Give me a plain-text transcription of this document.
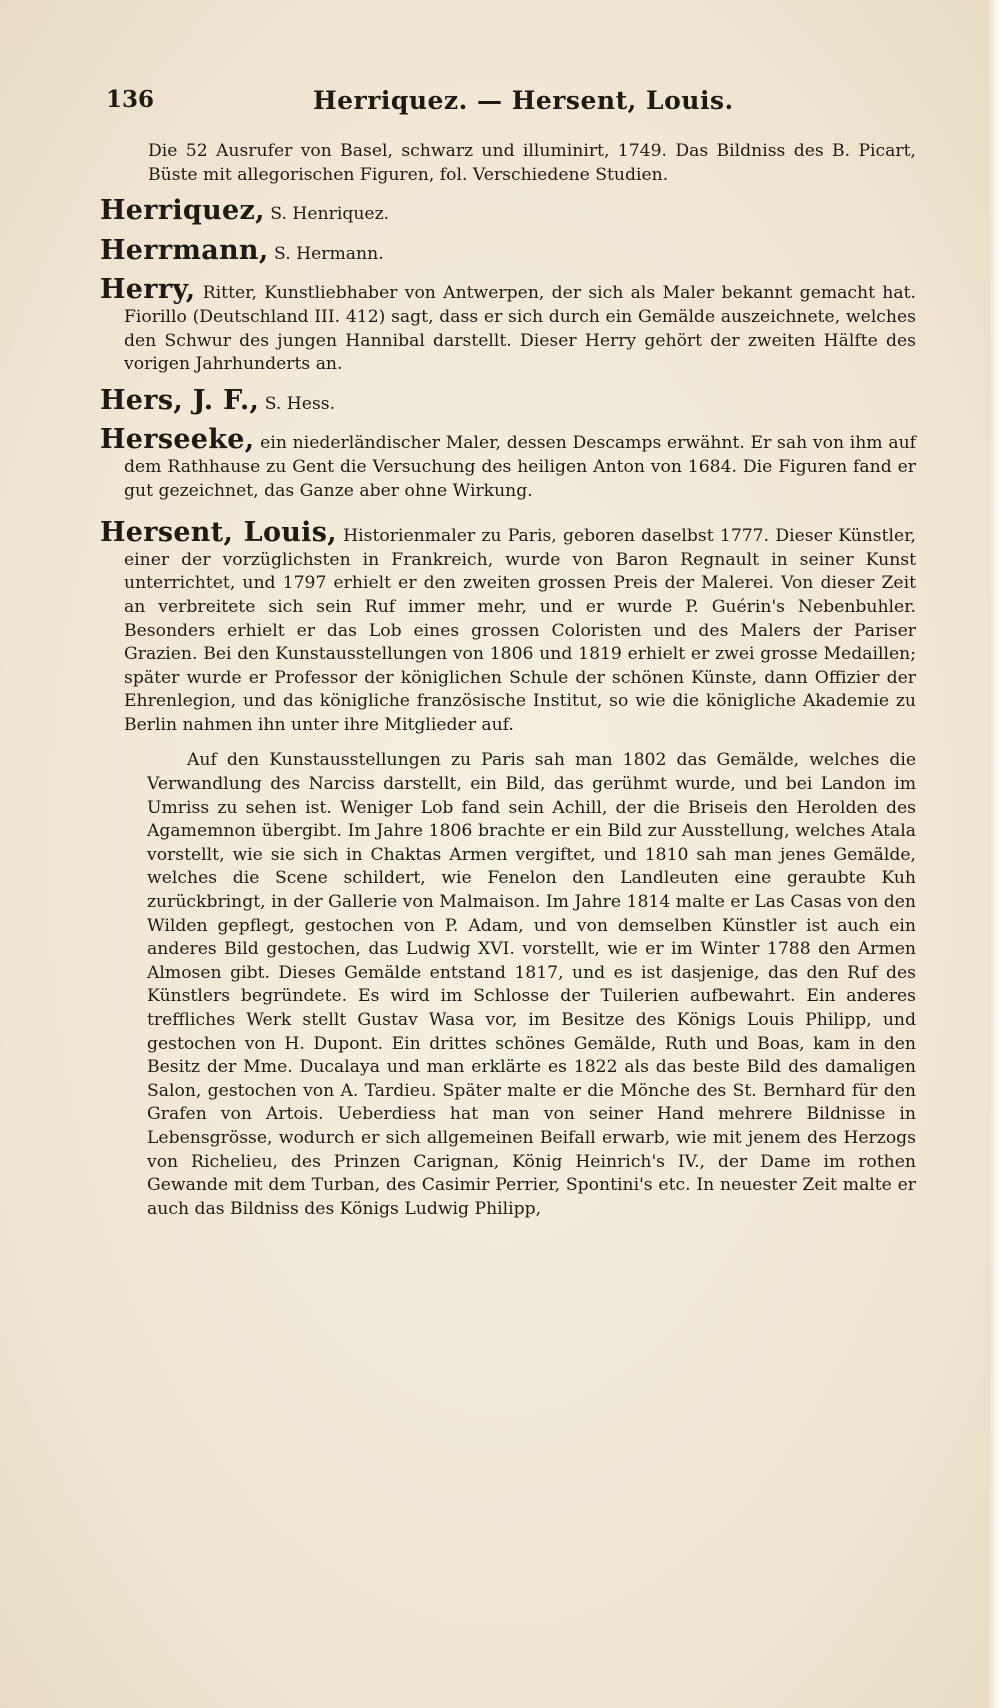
136	Herriquez. — Hersent, Louis.

Die 52 Ausrufer von Basel, schwarz und illuminirt, 1749. Das Bildniss des B. Picart, Büste mit allegorischen Figuren, fol. Verschiedene Studien.

Herriquez, S. Henriquez.

Herrmann, S. Hermann.

Herry, Ritter, Kunstliebhaber von Antwerpen, der sich als Maler bekannt gemacht hat. Fiorillo (Deutschland III. 412) sagt, dass er sich durch ein Gemälde auszeichnete, welches den Schwur des jungen Hannibal darstellt. Dieser Herry gehört der zweiten Hälfte des vorigen Jahrhunderts an.

Hers, J. F., S. Hess.

Herseeke, ein niederländischer Maler, dessen Descamps erwähnt. Er sah von ihm auf dem Rathhause zu Gent die Versuchung des heiligen Anton von 1684. Die Figuren fand er gut gezeichnet, das Ganze aber ohne Wirkung.

Hersent, Louis, Historienmaler zu Paris, geboren daselbst 1777. Dieser Künstler, einer der vorzüglichsten in Frankreich, wurde von Baron Regnault in seiner Kunst unterrichtet, und 1797 erhielt er den zweiten grossen Preis der Malerei. Von dieser Zeit an verbreitete sich sein Ruf immer mehr, und er wurde P. Guérin's Nebenbuhler. Besonders erhielt er das Lob eines grossen Coloristen und des Malers der Pariser Grazien. Bei den Kunstausstellungen von 1806 und 1819 erhielt er zwei grosse Medaillen; später wurde er Professor der königlichen Schule der schönen Künste, dann Offizier der Ehrenlegion, und das königliche französische Institut, so wie die königliche Akademie zu Berlin nahmen ihn unter ihre Mitglieder auf.

Auf den Kunstausstellungen zu Paris sah man 1802 das Gemälde, welches die Verwandlung des Narciss darstellt, ein Bild, das gerühmt wurde, und bei Landon im Umriss zu sehen ist. Weniger Lob fand sein Achill, der die Briseis den Herolden des Agamemnon übergibt. Im Jahre 1806 brachte er ein Bild zur Ausstellung, welches Atala vorstellt, wie sie sich in Chaktas Armen vergiftet, und 1810 sah man jenes Gemälde, welches die Scene schildert, wie Fenelon den Landleuten eine geraubte Kuh zurückbringt, in der Gallerie von Malmaison. Im Jahre 1814 malte er Las Casas von den Wilden gepflegt, gestochen von P. Adam, und von demselben Künstler ist auch ein anderes Bild gestochen, das Ludwig XVI. vorstellt, wie er im Winter 1788 den Armen Almosen gibt. Dieses Gemälde entstand 1817, und es ist dasjenige, das den Ruf des Künstlers begründete. Es wird im Schlosse der Tuilerien aufbewahrt. Ein anderes treffliches Werk stellt Gustav Wasa vor, im Besitze des Königs Louis Philipp, und gestochen von H. Dupont. Ein drittes schönes Gemälde, Ruth und Boas, kam in den Besitz der Mme. Ducalaya und man erklärte es 1822 als das beste Bild des damaligen Salon, gestochen von A. Tardieu. Später malte er die Mönche des St. Bernhard für den Grafen von Artois. Ueberdiess hat man von seiner Hand mehrere Bildnisse in Lebensgrösse, wodurch er sich allgemeinen Beifall erwarb, wie mit jenem des Herzogs von Richelieu, des Prinzen Carignan, König Heinrich's IV., der Dame im rothen Gewande mit dem Turban, des Casimir Perrier, Spontini's etc. In neuester Zeit malte er auch das Bildniss des Königs Ludwig Philipp,
